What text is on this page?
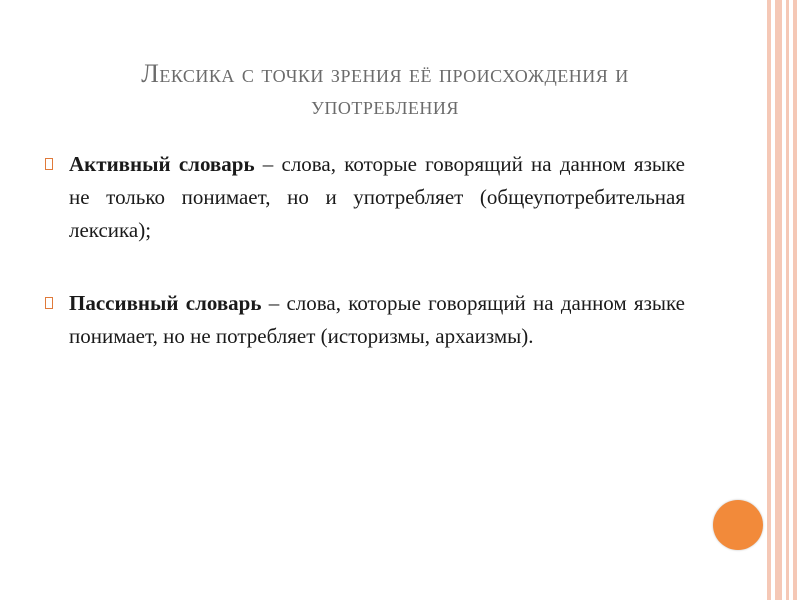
Лексика с точки зрения её происхождения и
употребления
Активный словарь – слова, которые говорящий на данном языке не только понимает, но и употребляет (общеупотребительная лексика);
Пассивный словарь – слова, которые говорящий на данном языке понимает, но не потребляет (историзмы, архаизмы).
